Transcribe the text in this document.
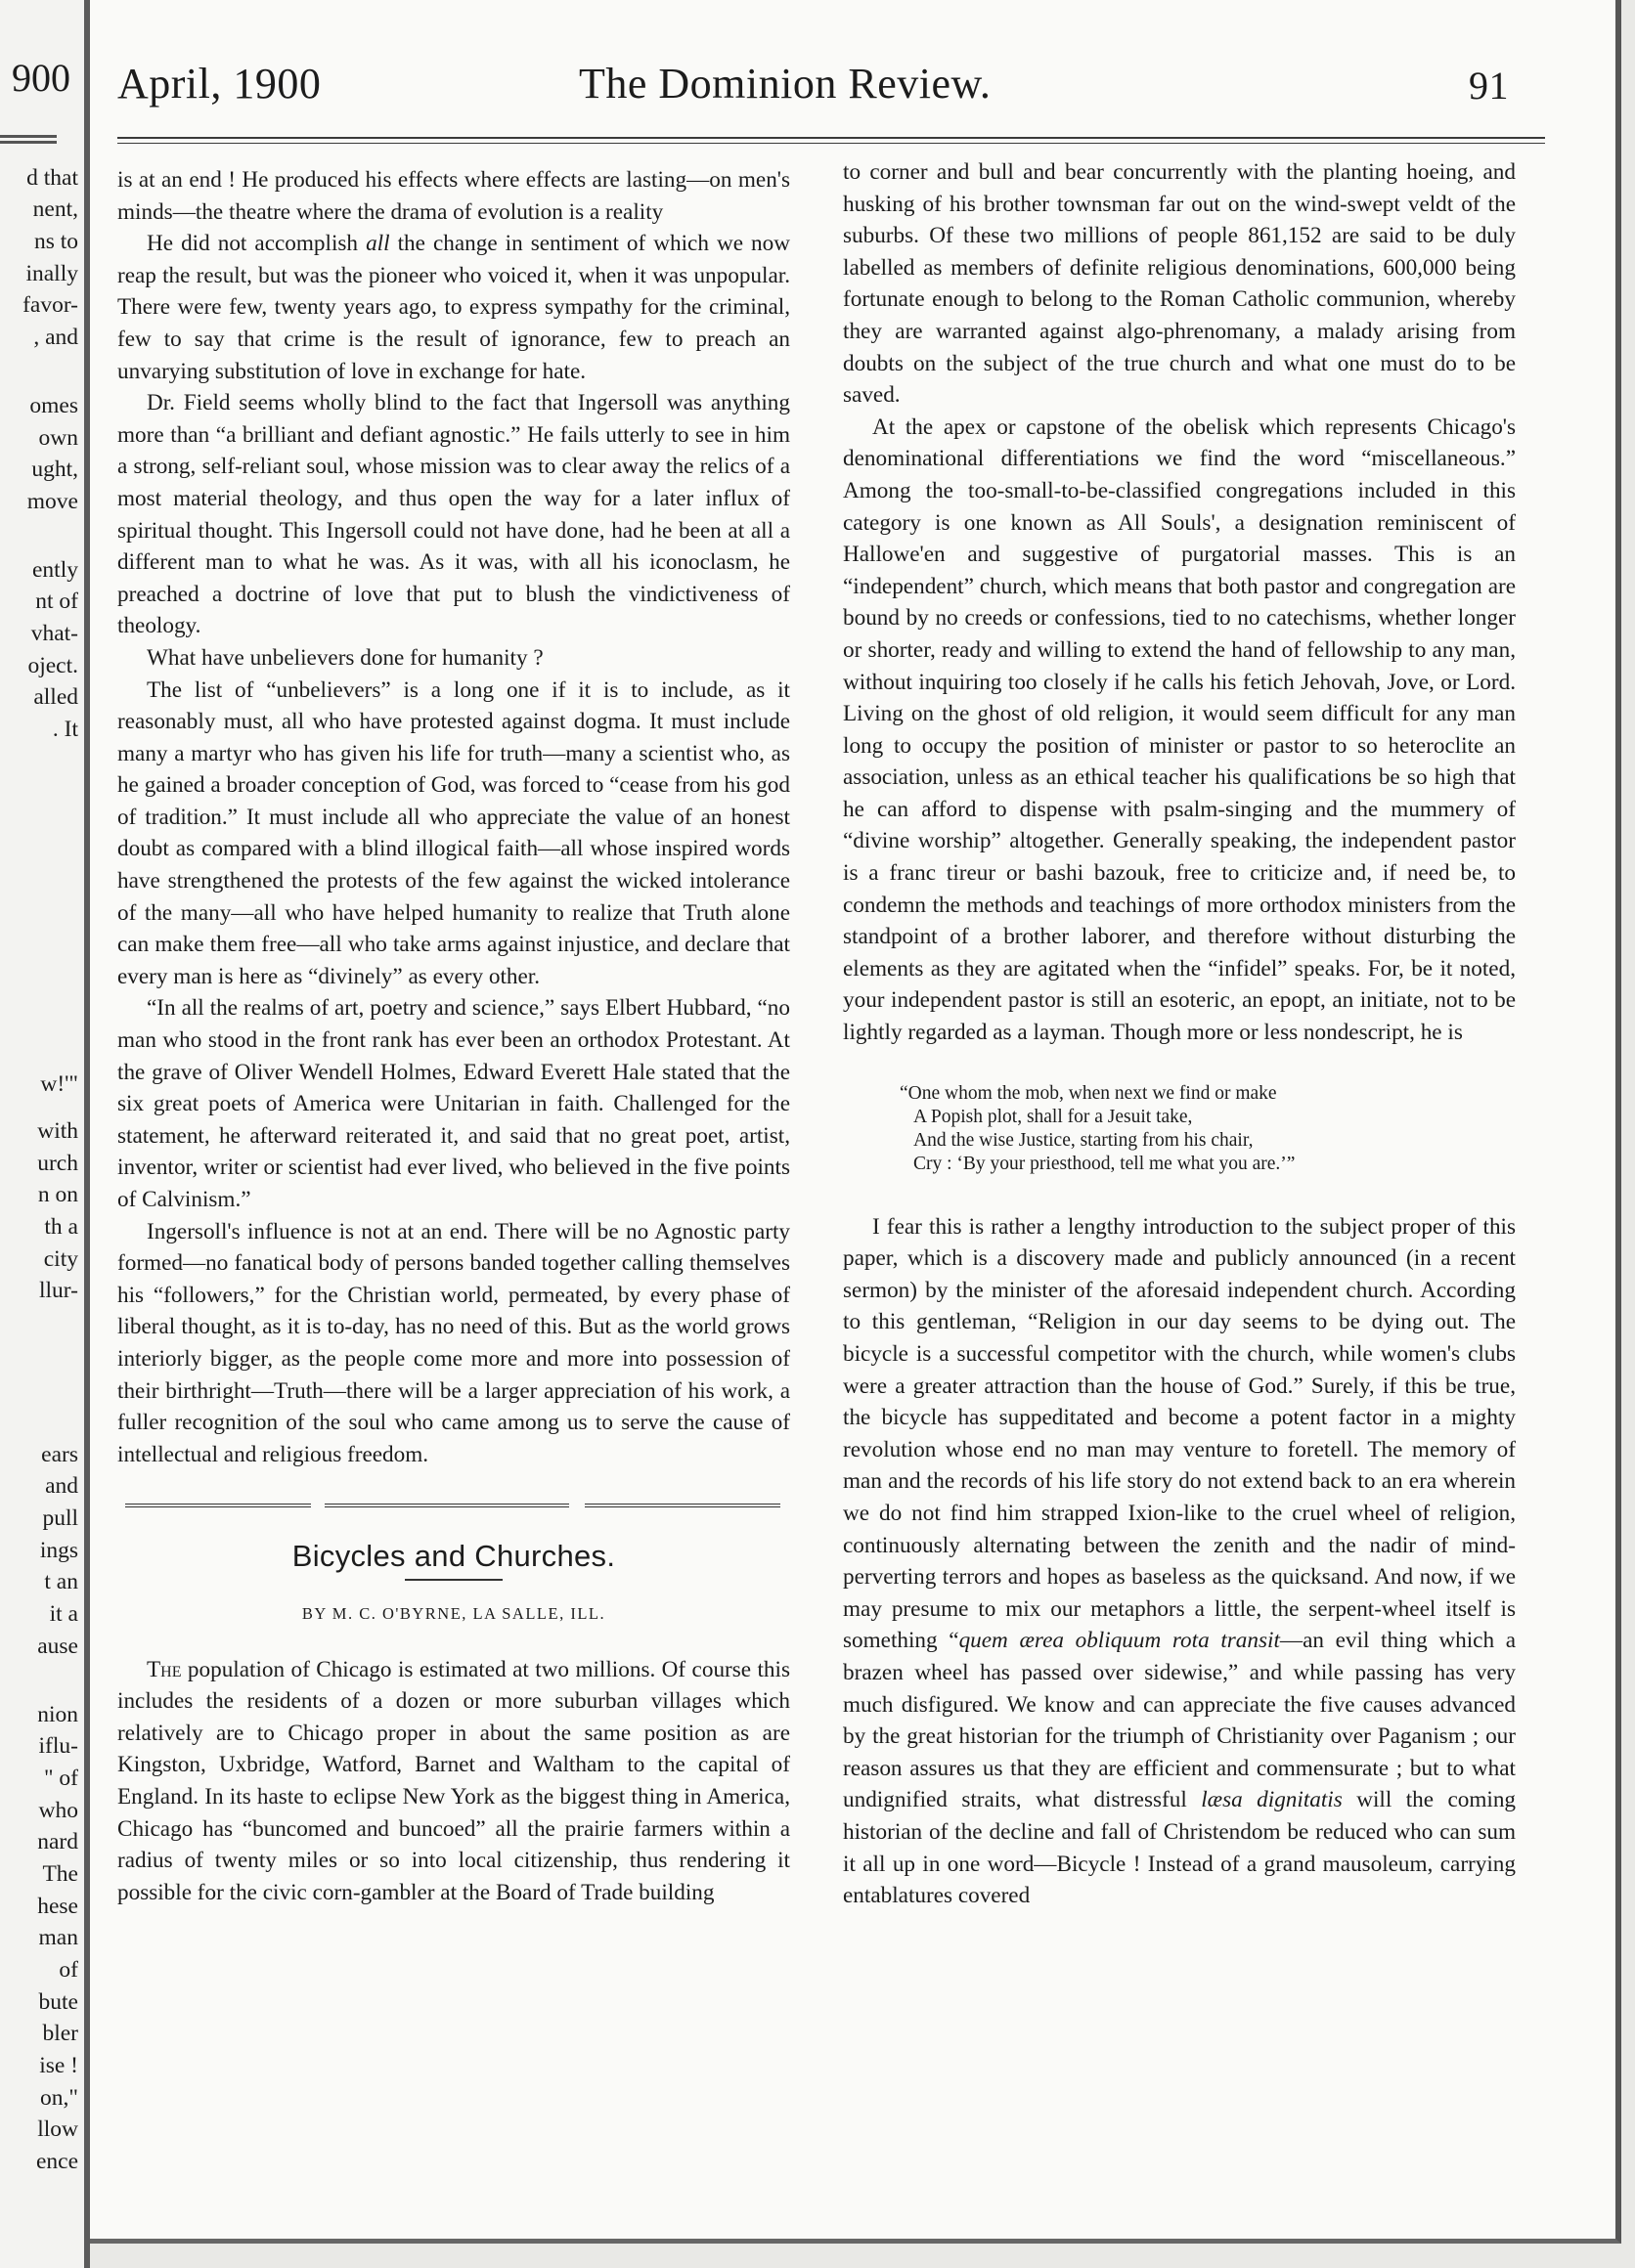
900
d that
nent,
ns to
inally
favor-
, and
omes
own
ught,
move
ently
nt of
vhat-
oject.
alled
. It
w!'"
with
urch
n on
th a
city
llur-
ears
and
pull
ings
t an
it a
ause
nion
iflu-
" of
who
nard
The
hese
man
of
bute
bler
ise !
on,"
llow
ence
April, 1900	The Dominion Review.	91

is at an end ! He produced his effects where effects are lasting—on men's minds—the theatre where the drama of evolution is a reality

He did not accomplish all the change in sentiment of which we now reap the result, but was the pioneer who voiced it, when it was unpopular. There were few, twenty years ago, to express sympathy for the criminal, few to say that crime is the result of ignorance, few to preach an unvarying substitution of love in exchange for hate.

Dr. Field seems wholly blind to the fact that Ingersoll was anything more than “a brilliant and defiant agnostic.” He fails utterly to see in him a strong, self-reliant soul, whose mission was to clear away the relics of a most material theology, and thus open the way for a later influx of spiritual thought. This Ingersoll could not have done, had he been at all a different man to what he was. As it was, with all his iconoclasm, he preached a doctrine of love that put to blush the vindictiveness of theology.

What have unbelievers done for humanity ?

The list of “unbelievers” is a long one if it is to include, as it reasonably must, all who have protested against dogma. It must include many a martyr who has given his life for truth—many a scientist who, as he gained a broader conception of God, was forced to “cease from his god of tradition.” It must include all who appreciate the value of an honest doubt as compared with a blind illogical faith—all whose inspired words have strengthened the protests of the few against the wicked intolerance of the many—all who have helped humanity to realize that Truth alone can make them free—all who take arms against injustice, and declare that every man is here as “divinely” as every other.

“In all the realms of art, poetry and science,” says Elbert Hubbard, “no man who stood in the front rank has ever been an orthodox Protestant. At the grave of Oliver Wendell Holmes, Edward Everett Hale stated that the six great poets of America were Unitarian in faith. Challenged for the statement, he afterward reiterated it, and said that no great poet, artist, inventor, writer or scientist had ever lived, who believed in the five points of Calvinism.”

Ingersoll's influence is not at an end. There will be no Agnostic party formed—no fanatical body of persons banded together calling themselves his “followers,” for the Christian world, permeated, by every phase of liberal thought, as it is to-day, has no need of this. But as the world grows interiorly bigger, as the people come more and more into possession of their birthright—Truth—there will be a larger appreciation of his work, a fuller recognition of the soul who came among us to serve the cause of intellectual and religious freedom.

Bicycles and Churches.
BY M. C. O'BYRNE, LA SALLE, ILL.

The population of Chicago is estimated at two millions. Of course this includes the residents of a dozen or more suburban villages which relatively are to Chicago proper in about the same position as are Kingston, Uxbridge, Watford, Barnet and Waltham to the capital of England. In its haste to eclipse New York as the biggest thing in America, Chicago has “buncomed and buncoed” all the prairie farmers within a radius of twenty miles or so into local citizenship, thus rendering it possible for the civic corn-gambler at the Board of Trade building

to corner and bull and bear concurrently with the planting hoeing, and husking of his brother townsman far out on the wind-swept veldt of the suburbs. Of these two millions of people 861,152 are said to be duly labelled as members of definite religious denominations, 600,000 being fortunate enough to belong to the Roman Catholic communion, whereby they are warranted against algo-phrenomany, a malady arising from doubts on the subject of the true church and what one must do to be saved.

At the apex or capstone of the obelisk which represents Chicago's denominational differentiations we find the word “miscellaneous.” Among the too-small-to-be-classified congregations included in this category is one known as All Souls', a designation reminiscent of Hallowe'en and suggestive of purgatorial masses. This is an “independent” church, which means that both pastor and congregation are bound by no creeds or confessions, tied to no catechisms, whether longer or shorter, ready and willing to extend the hand of fellowship to any man, without inquiring too closely if he calls his fetich Jehovah, Jove, or Lord. Living on the ghost of old religion, it would seem difficult for any man long to occupy the position of minister or pastor to so heteroclite an association, unless as an ethical teacher his qualifications be so high that he can afford to dispense with psalm-singing and the mummery of “divine worship” altogether. Generally speaking, the independent pastor is a franc tireur or bashi bazouk, free to criticize and, if need be, to condemn the methods and teachings of more orthodox ministers from the standpoint of a brother laborer, and therefore without disturbing the elements as they are agitated when the “infidel” speaks. For, be it noted, your independent pastor is still an esoteric, an epopt, an initiate, not to be lightly regarded as a layman. Though more or less nondescript, he is

“One whom the mob, when next we find or make
A Popish plot, shall for a Jesuit take,
And the wise Justice, starting from his chair,
Cry : ‘By your priesthood, tell me what you are.’”

I fear this is rather a lengthy introduction to the subject proper of this paper, which is a discovery made and publicly announced (in a recent sermon) by the minister of the aforesaid independent church. According to this gentleman, “Religion in our day seems to be dying out. The bicycle is a successful competitor with the church, while women's clubs were a greater attraction than the house of God.” Surely, if this be true, the bicycle has suppeditated and become a potent factor in a mighty revolution whose end no man may venture to foretell. The memory of man and the records of his life story do not extend back to an era wherein we do not find him strapped Ixion-like to the cruel wheel of religion, continuously alternating between the zenith and the nadir of mind-perverting terrors and hopes as baseless as the quicksand. And now, if we may presume to mix our metaphors a little, the serpent-wheel itself is something “quem ærea obliquum rota transit—an evil thing which a brazen wheel has passed over sidewise,” and while passing has very much disfigured. We know and can appreciate the five causes advanced by the great historian for the triumph of Christianity over Paganism ; our reason assures us that they are efficient and commensurate ; but to what undignified straits, what distressful læsa dignitatis will the coming historian of the decline and fall of Christendom be reduced who can sum it all up in one word—Bicycle ! Instead of a grand mausoleum, carrying entablatures covered
